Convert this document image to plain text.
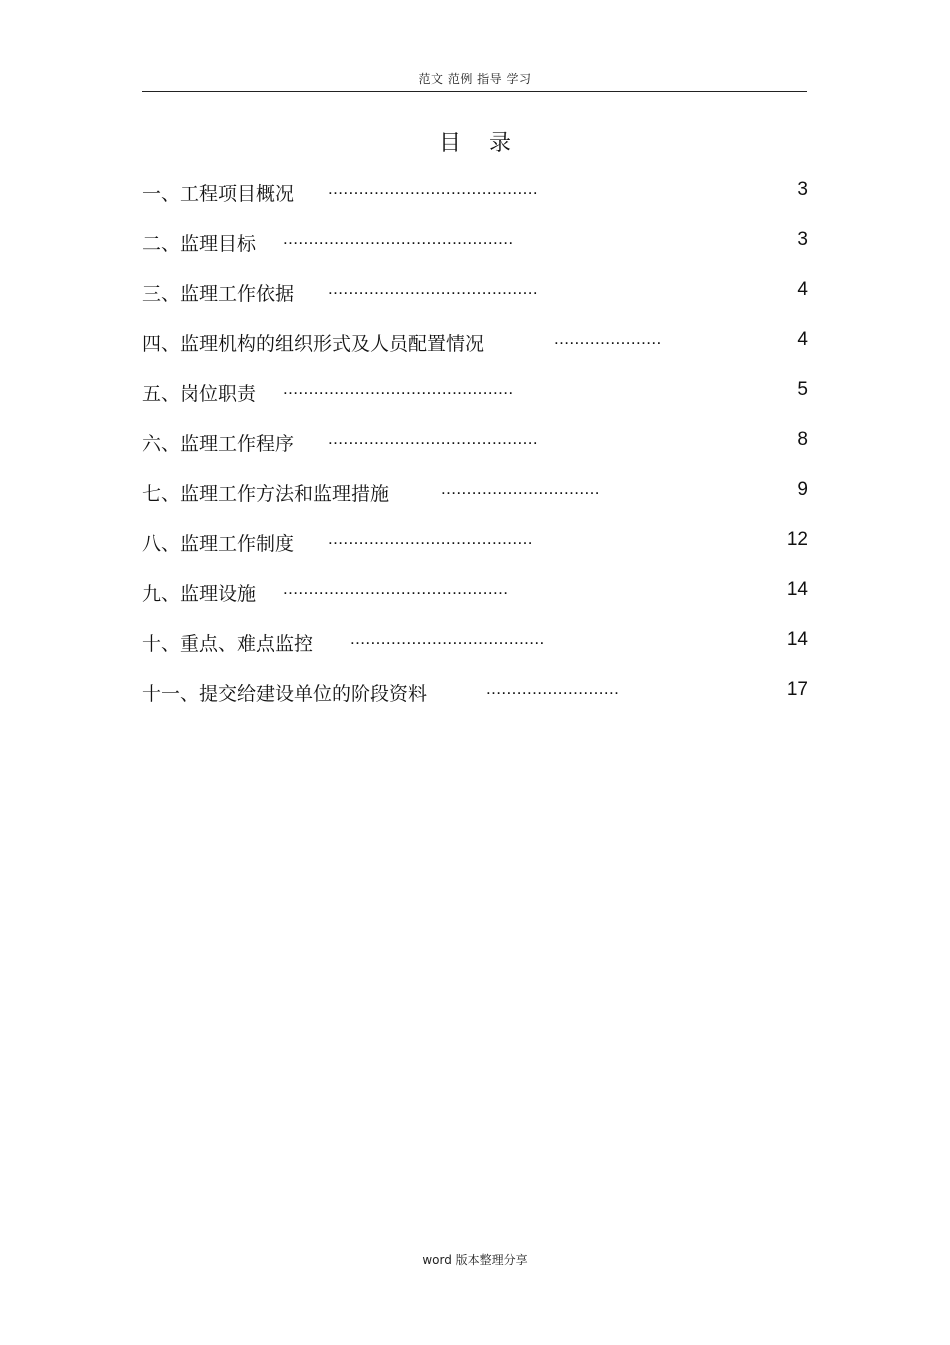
范文 范例 指导 学习
目录
一、工程项目概况 .........................................	3
二、监理目标 .............................................	3
三、监理工作依据 .........................................	4
四、监理机构的组织形式及人员配置情况	.....................	4
五、岗位职责 .............................................	5
六、监理工作程序 .........................................	8
七、监理工作方法和监理措施	...............................	9
八、监理工作制度 ........................................	12
九、监理设施 ............................................	14
十、重点、难点监控 ......................................	14
十一、提交给建设单位的阶段资料	..........................	17
word 版本整理分享
